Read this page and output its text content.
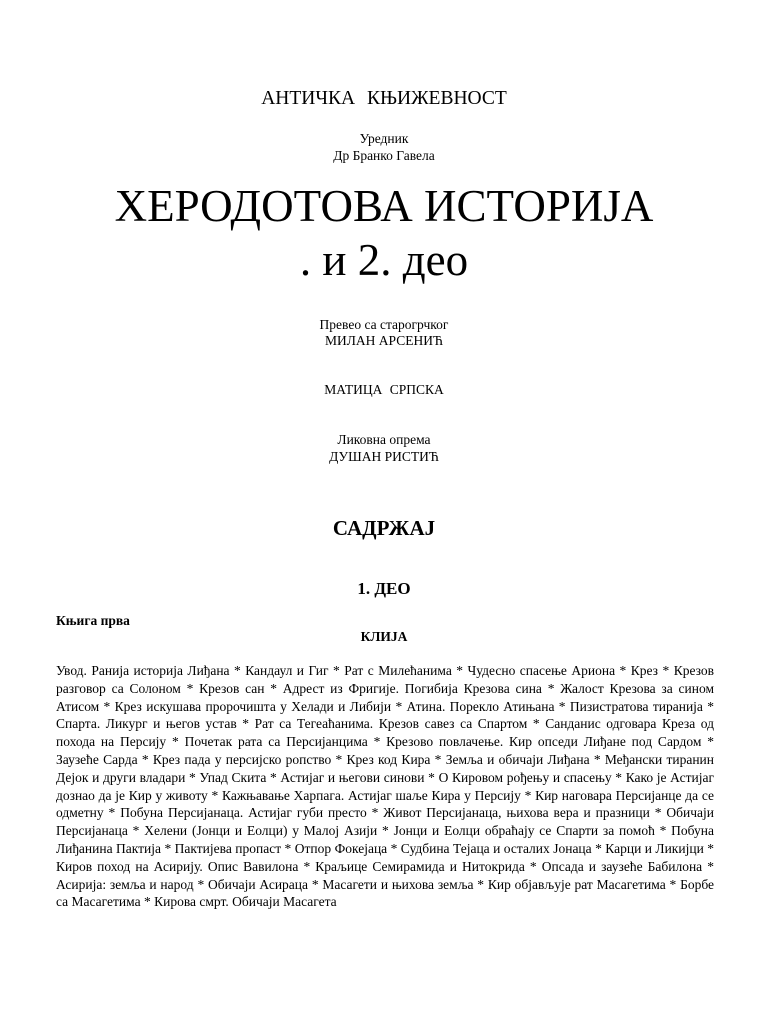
АНТИЧКА КЊИЖЕВНОСТ
Уредник
Др Бранко Гавела
ХЕРОДОТОВА ИСТОРИЈА
. и 2. део
Превео са старогрчког
МИЛАН АРСЕНИЋ
МАТИЦА СРПСКА
Ликовна опрема
ДУШАН РИСТИЋ
САДРЖАЈ
1. ДЕО
Књига прва
КЛИЈА
Увод. Ранија историја Лиђана * Кандаул и Гиг * Рат с Милећанима * Чудесно спасење Ариона * Крез * Крезов разговор са Солоном * Крезов сан * Адрест из Фригије. Погибија Крезова сина * Жалост Крезова за сином Атисом * Крез искушава пророчишта у Хелади и Либији * Атина. Порекло Атињана * Пизистратова тиранија * Спарта. Ликург и његов устав * Рат са Тегеаћанима. Крезов савез са Спартом * Санданис одговара Креза од похода на Персију * Почетак рата са Персијанцима * Крезово повлачење. Кир опседи Лиђане под Сардом * Заузеће Сарда * Крез пада у персијско ропство * Крез код Кира * Земља и обичаји Лиђана * Међански тиранин Дејок и други владари * Упад Скита * Астијаг и његови синови * О Кировом рођењу и спасењу * Како је Астијаг дознао да је Кир у животу * Кажњавање Харпага. Астијаг шаље Кира у Персију * Кир наговара Персијанце да се одметну * Побуна Персијанаца. Астијаг губи престо * Живот Персијанаца, њихова вера и празници * Обичаји Персијанаца * Хелени (Јонци и Еолци) у Малој Азији * Јонци и Еолци обраћају се Спарти за помоћ * Побуна Лиђанина Пактија * Пактијева пропаст * Отпор Фокејаца * Судбина Тејаца и осталих Јонаца * Карци и Ликијци * Киров поход на Асирију. Опис Вавилона * Краљице Семирамида и Нитокрида * Опсада и заузеће Бабилона * Асирија: земља и народ * Обичаји Асираца * Масагети и њихова земља * Кир објављује рат Масагетима * Борбе са Масагетима * Кирова смрт. Обичаји Масагета
